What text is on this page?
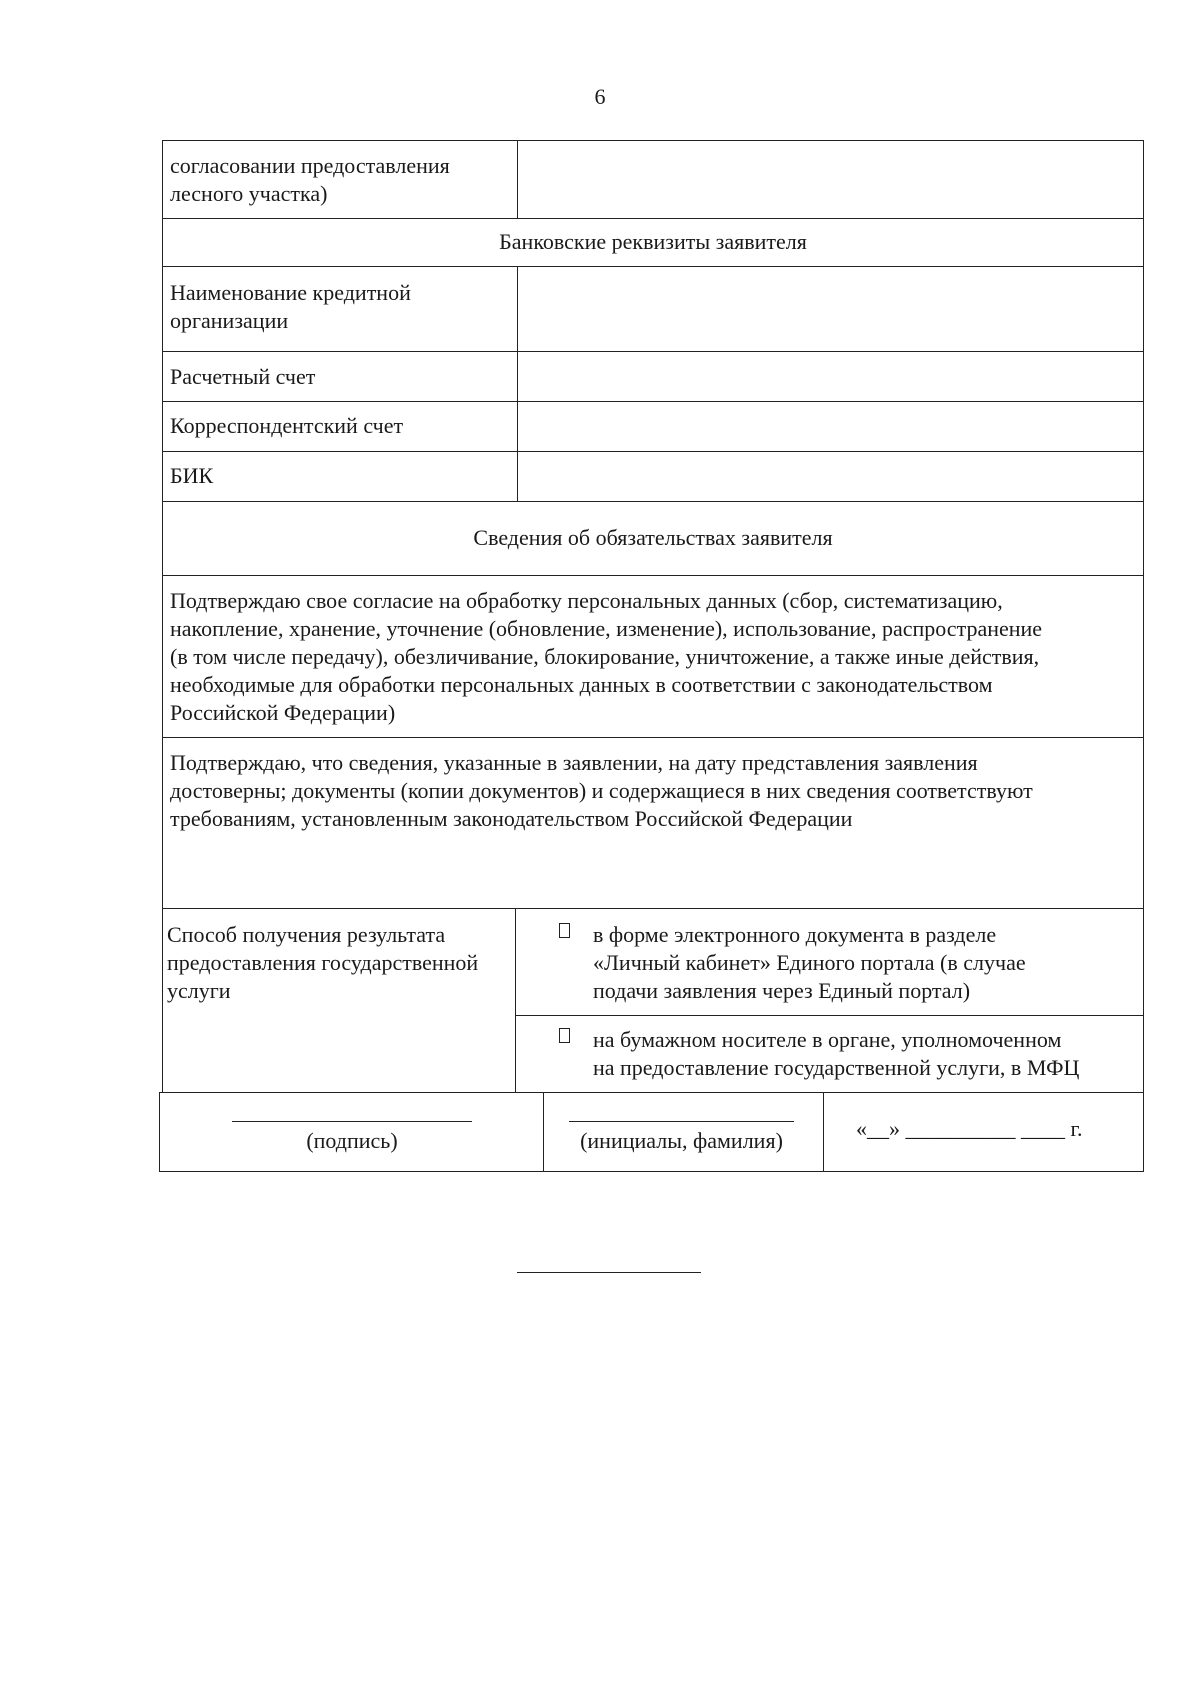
6
согласовании предоставления
лесного участка)
Банковские реквизиты заявителя
Наименование кредитной
организации
Расчетный счет
Корреспондентский счет
БИК
Сведения об обязательствах заявителя
Подтверждаю свое согласие на обработку персональных данных (сбор, систематизацию,
накопление, хранение, уточнение (обновление, изменение), использование, распространение
(в том числе передачу), обезличивание, блокирование, уничтожение, а также иные действия,
необходимые для обработки персональных данных в соответствии с законодательством
Российской Федерации)
Подтверждаю, что сведения, указанные в заявлении, на дату представления заявления
достоверны; документы (копии документов) и содержащиеся в них сведения соответствуют
требованиям, установленным законодательством Российской Федерации
Способ получения результата
предоставления государственной
услуги
в форме электронного документа в разделе
«Личный кабинет» Единого портала (в случае
подачи заявления через Единый портал)
на бумажном носителе в органе, уполномоченном
на предоставление государственной услуги, в МФЦ
(подпись)	(инициалы, фамилия)	«__» __________ ____ г.
